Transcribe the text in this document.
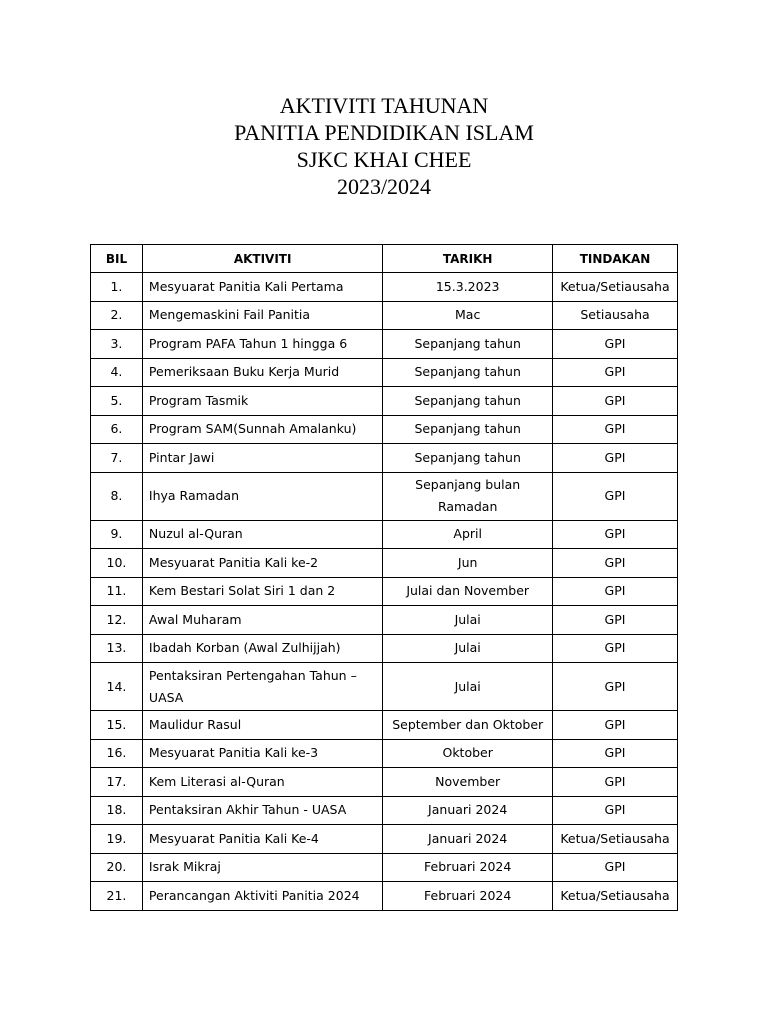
AKTIVITI TAHUNAN
PANITIA PENDIDIKAN ISLAM
SJKC KHAI CHEE
2023/2024
BIL	AKTIVITI	TARIKH	TINDAKAN
1.	Mesyuarat Panitia Kali Pertama	15.3.2023	Ketua/Setiausaha
2.	Mengemaskini Fail Panitia	Mac	Setiausaha
3.	Program PAFA Tahun 1 hingga 6	Sepanjang tahun	GPI
4.	Pemeriksaan Buku Kerja Murid	Sepanjang tahun	GPI
5.	Program Tasmik	Sepanjang tahun	GPI
6.	Program SAM(Sunnah Amalanku)	Sepanjang tahun	GPI
7.	Pintar Jawi	Sepanjang tahun	GPI
8.	Ihya Ramadan	Sepanjang bulan Ramadan	GPI
9.	Nuzul al-Quran	April	GPI
10.	Mesyuarat Panitia Kali ke-2	Jun	GPI
11.	Kem Bestari Solat Siri 1 dan 2	Julai dan November	GPI
12.	Awal Muharam	Julai	GPI
13.	Ibadah Korban (Awal Zulhijjah)	Julai	GPI
14.	Pentaksiran Pertengahan Tahun – UASA	Julai	GPI
15.	Maulidur Rasul	September dan Oktober	GPI
16.	Mesyuarat Panitia Kali ke-3	Oktober	GPI
17.	Kem Literasi al-Quran	November	GPI
18.	Pentaksiran Akhir Tahun - UASA	Januari 2024	GPI
19.	Mesyuarat Panitia Kali Ke-4	Januari 2024	Ketua/Setiausaha
20.	Israk Mikraj	Februari 2024	GPI
21.	Perancangan Aktiviti Panitia 2024	Februari 2024	Ketua/Setiausaha
